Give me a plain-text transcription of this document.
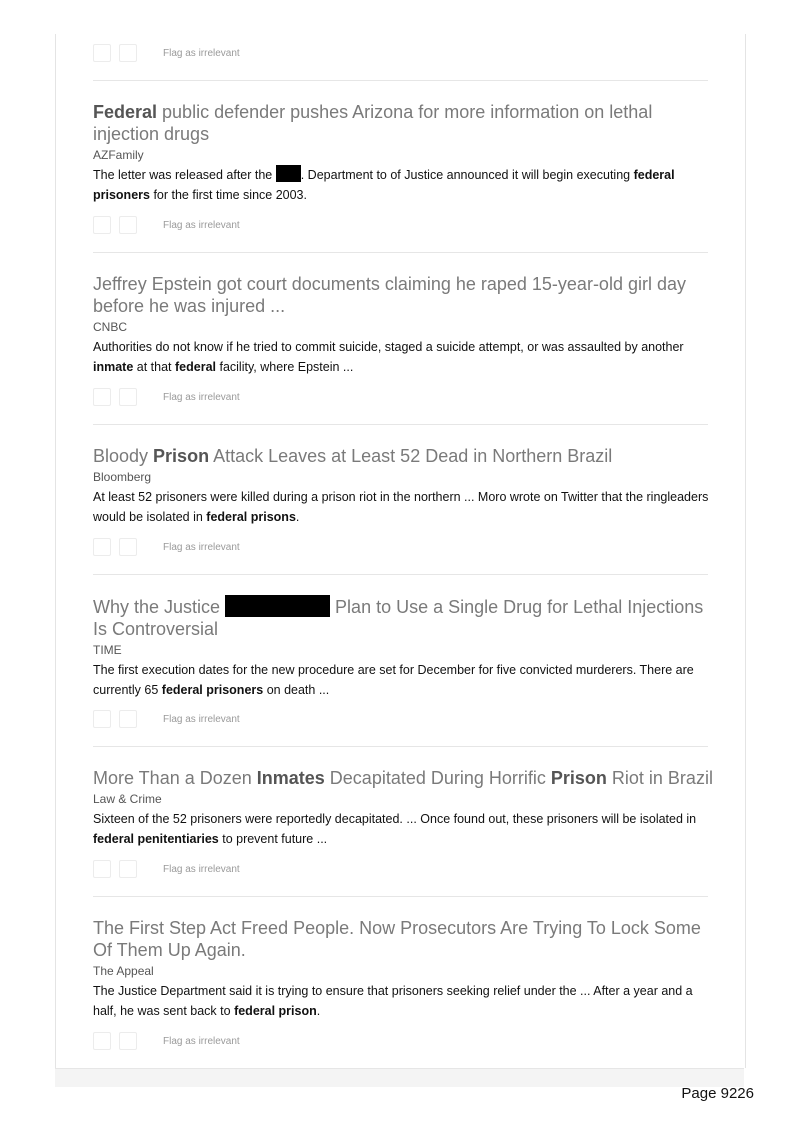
Flag as irrelevant
Federal public defender pushes Arizona for more information on lethal injection drugs
AZFamily
The letter was released after the . Department to of Justice announced it will begin executing federal prisoners for the first time since 2003.
Flag as irrelevant
Jeffrey Epstein got court documents claiming he raped 15-year-old girl day before he was injured ...
CNBC
Authorities do not know if he tried to commit suicide, staged a suicide attempt, or was assaulted by another inmate at that federal facility, where Epstein ...
Flag as irrelevant
Bloody Prison Attack Leaves at Least 52 Dead in Northern Brazil
Bloomberg
At least 52 prisoners were killed during a prison riot in the northern ... Moro wrote on Twitter that the ringleaders would be isolated in federal prisons.
Flag as irrelevant
Why the Justice	Plan to Use a Single Drug for Lethal Injections Is Controversial
TIME
The first execution dates for the new procedure are set for December for five convicted murderers. There are currently 65 federal prisoners on death ...
Flag as irrelevant
More Than a Dozen Inmates Decapitated During Horrific Prison Riot in Brazil
Law & Crime
Sixteen of the 52 prisoners were reportedly decapitated. ... Once found out, these prisoners will be isolated in federal penitentiaries to prevent future ...
Flag as irrelevant
The First Step Act Freed People. Now Prosecutors Are Trying To Lock Some Of Them Up Again.
The Appeal
The Justice Department said it is trying to ensure that prisoners seeking relief under the ... After a year and a half, he was sent back to federal prison.
Flag as irrelevant
Page 9226
